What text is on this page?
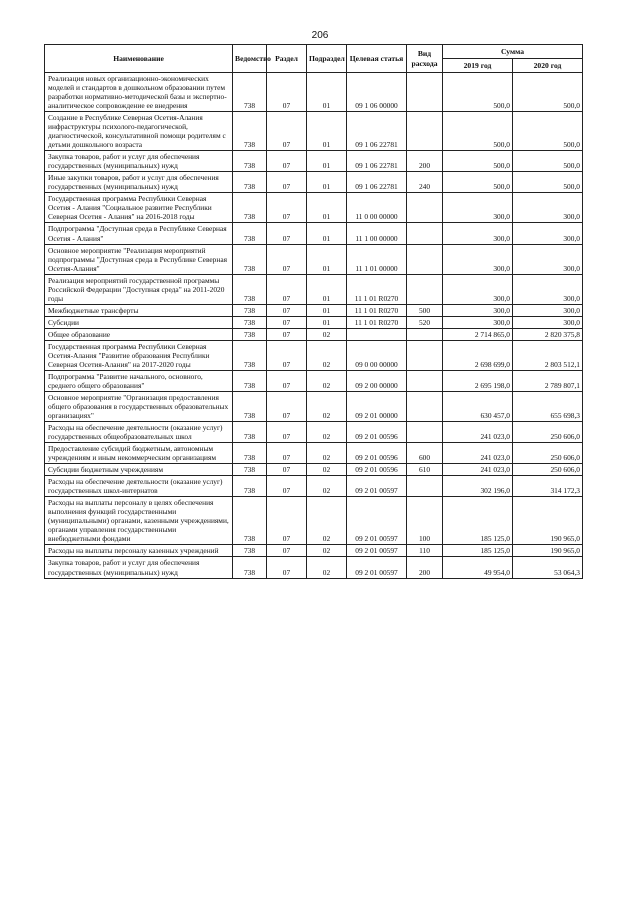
206
Наименование	Ведомство	Раздел	Подраздел	Целевая статья	Вид расхода	Сумма	
						2019 год	2020 год
Реализация новых организационно-экономических моделей и стандартов в дошкольном образовании путем разработки нормативно-методической базы и экспертно-аналитическое сопровождение ее внедрения	738	07	01	09 1 06 00000		500,0	500,0
Создание в Республике Северная Осетия-Алания инфраструктуры психолого-педагогической, диагностической, консультативной помощи родителям с детьми дошкольного возраста	738	07	01	09 1 06 22781		500,0	500,0
Закупка товаров, работ и услуг для обеспечения государственных (муниципальных) нужд	738	07	01	09 1 06 22781	200	500,0	500,0
Иные закупки товаров, работ и услуг для обеспечения государственных (муниципальных) нужд	738	07	01	09 1 06 22781	240	500,0	500,0
Государственная программа Республики Северная Осетия - Алания "Социальное развитие Республики Северная Осетия - Алания" на 2016-2018 годы	738	07	01	11 0 00 00000		300,0	300,0
Подпрограмма "Доступная среда в Республике Северная Осетия - Алания"	738	07	01	11 1 00 00000		300,0	300,0
Основное мероприятие "Реализация мероприятий подпрограммы "Доступная среда в Республике Северная Осетия-Алания"	738	07	01	11 1 01 00000		300,0	300,0
Реализация мероприятий государственной программы Российской Федерации "Доступная среда" на 2011-2020 годы	738	07	01	11 1 01 R0270		300,0	300,0
Межбюджетные трансферты	738	07	01	11 1 01 R0270	500	300,0	300,0
Субсидии	738	07	01	11 1 01 R0270	520	300,0	300,0
Общее образование	738	07	02			2 714 865,0	2 820 375,8
Государственная программа Республики Северная Осетия-Алания "Развитие образования Республики Северная Осетия-Алания" на 2017-2020 годы	738	07	02	09 0 00 00000		2 698 699,0	2 803 512,1
Подпрограмма "Развитие начального, основного, среднего общего образования"	738	07	02	09 2 00 00000		2 695 198,0	2 789 807,1
Основное мероприятие "Организация предоставления общего образования в государственных образовательных организациях"	738	07	02	09 2 01 00000		630 457,0	655 698,3
Расходы на обеспечение деятельности (оказание услуг) государственных общеобразовательных школ	738	07	02	09 2 01 00596		241 023,0	250 606,0
Предоставление субсидий бюджетным, автономным учреждениям и иным некоммерческим организациям	738	07	02	09 2 01 00596	600	241 023,0	250 606,0
Субсидии бюджетным учреждениям	738	07	02	09 2 01 00596	610	241 023,0	250 606,0
Расходы на обеспечение деятельности (оказание услуг) государственных школ-интернатов	738	07	02	09 2 01 00597		302 196,0	314 172,3
Расходы на выплаты персоналу в целях обеспечения выполнения функций государственными (муниципальными) органами, казенными учреждениями, органами управления государственными внебюджетными фондами	738	07	02	09 2 01 00597	100	185 125,0	190 965,0
Расходы на выплаты персоналу казенных учреждений	738	07	02	09 2 01 00597	110	185 125,0	190 965,0
Закупка товаров, работ и услуг для обеспечения государственных (муниципальных) нужд	738	07	02	09 2 01 00597	200	49 954,0	53 064,3
